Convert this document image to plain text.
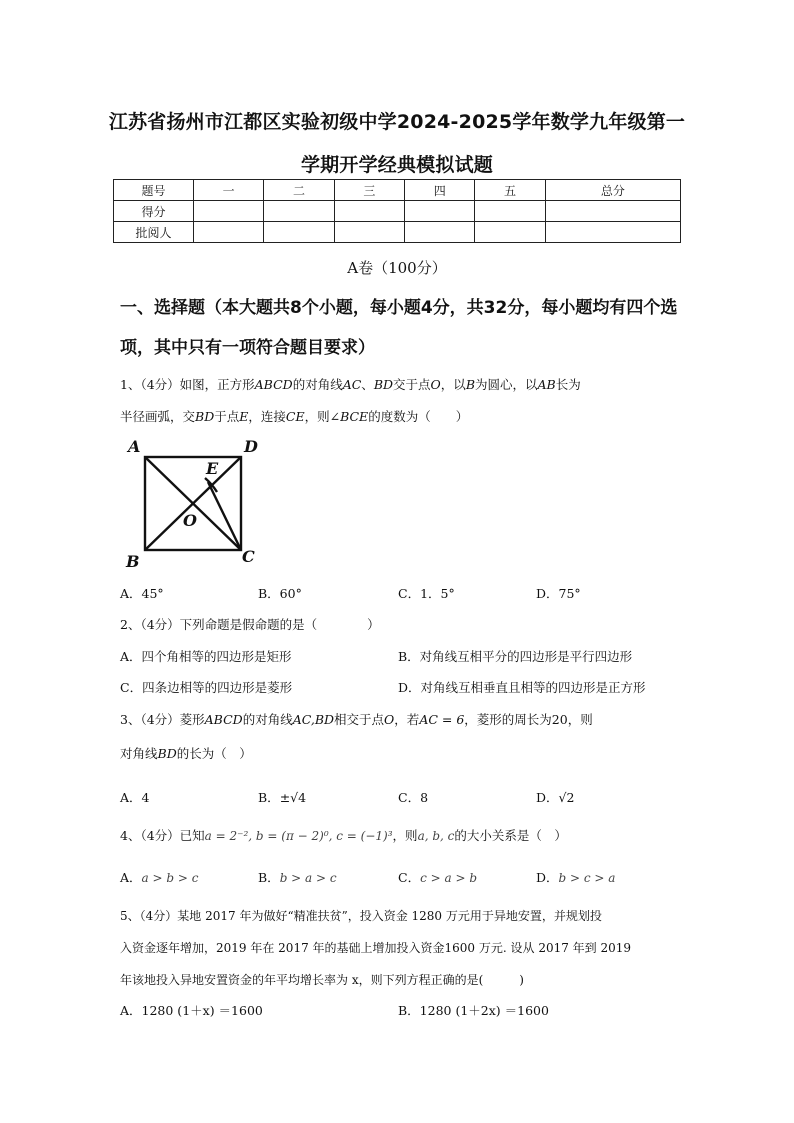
江苏省扬州市江都区实验初级中学2024-2025学年数学九年级第一
学期开学经典模拟试题
题号	一	二	三	四	五	总分
得分						
批阅人						
A卷（100分）
一、选择题（本大题共8个小题，每小题4分，共32分，每小题均有四个选项，其中只有一项符合题目要求）
1、（4分）如图，正方形ABCD的对角线AC、BD交于点O，以B为圆心，以AB长为
半径画弧，交BD于点E，连接CE，则∠BCE的度数为（　　）
A	D
B	C
E
O
A．45°	B．60°	C．1．5°	D．75°
2、（4分）下列命题是假命题的是（　　　　）
A．四个角相等的四边形是矩形	B．对角线互相平分的四边形是平行四边形
C．四条边相等的四边形是菱形	D．对角线互相垂直且相等的四边形是正方形
3、（4分）菱形ABCD的对角线AC,BD相交于点O，若AC = 6，菱形的周长为20，则
对角线BD的长为（　）
A．4	B．±√4	C．8	D．√2
4、（4分）已知a = 2⁻², b = (π − 2)⁰, c = (−1)³，则a, b, c的大小关系是（　）
A．a > b > c	B．b > a > c	C．c > a > b	D．b > c > a
5、（4分）某地 2017 年为做好“精准扶贫”，投入资金 1280 万元用于异地安置，并规划投
入资金逐年增加，2019 年在 2017 年的基础上增加投入资金1600 万元. 设从 2017 年到 2019
年该地投入异地安置资金的年平均增长率为 x，则下列方程正确的是(　　　)
A．1280 (1＋x) ＝1600	B．1280 (1＋2x) ＝1600
